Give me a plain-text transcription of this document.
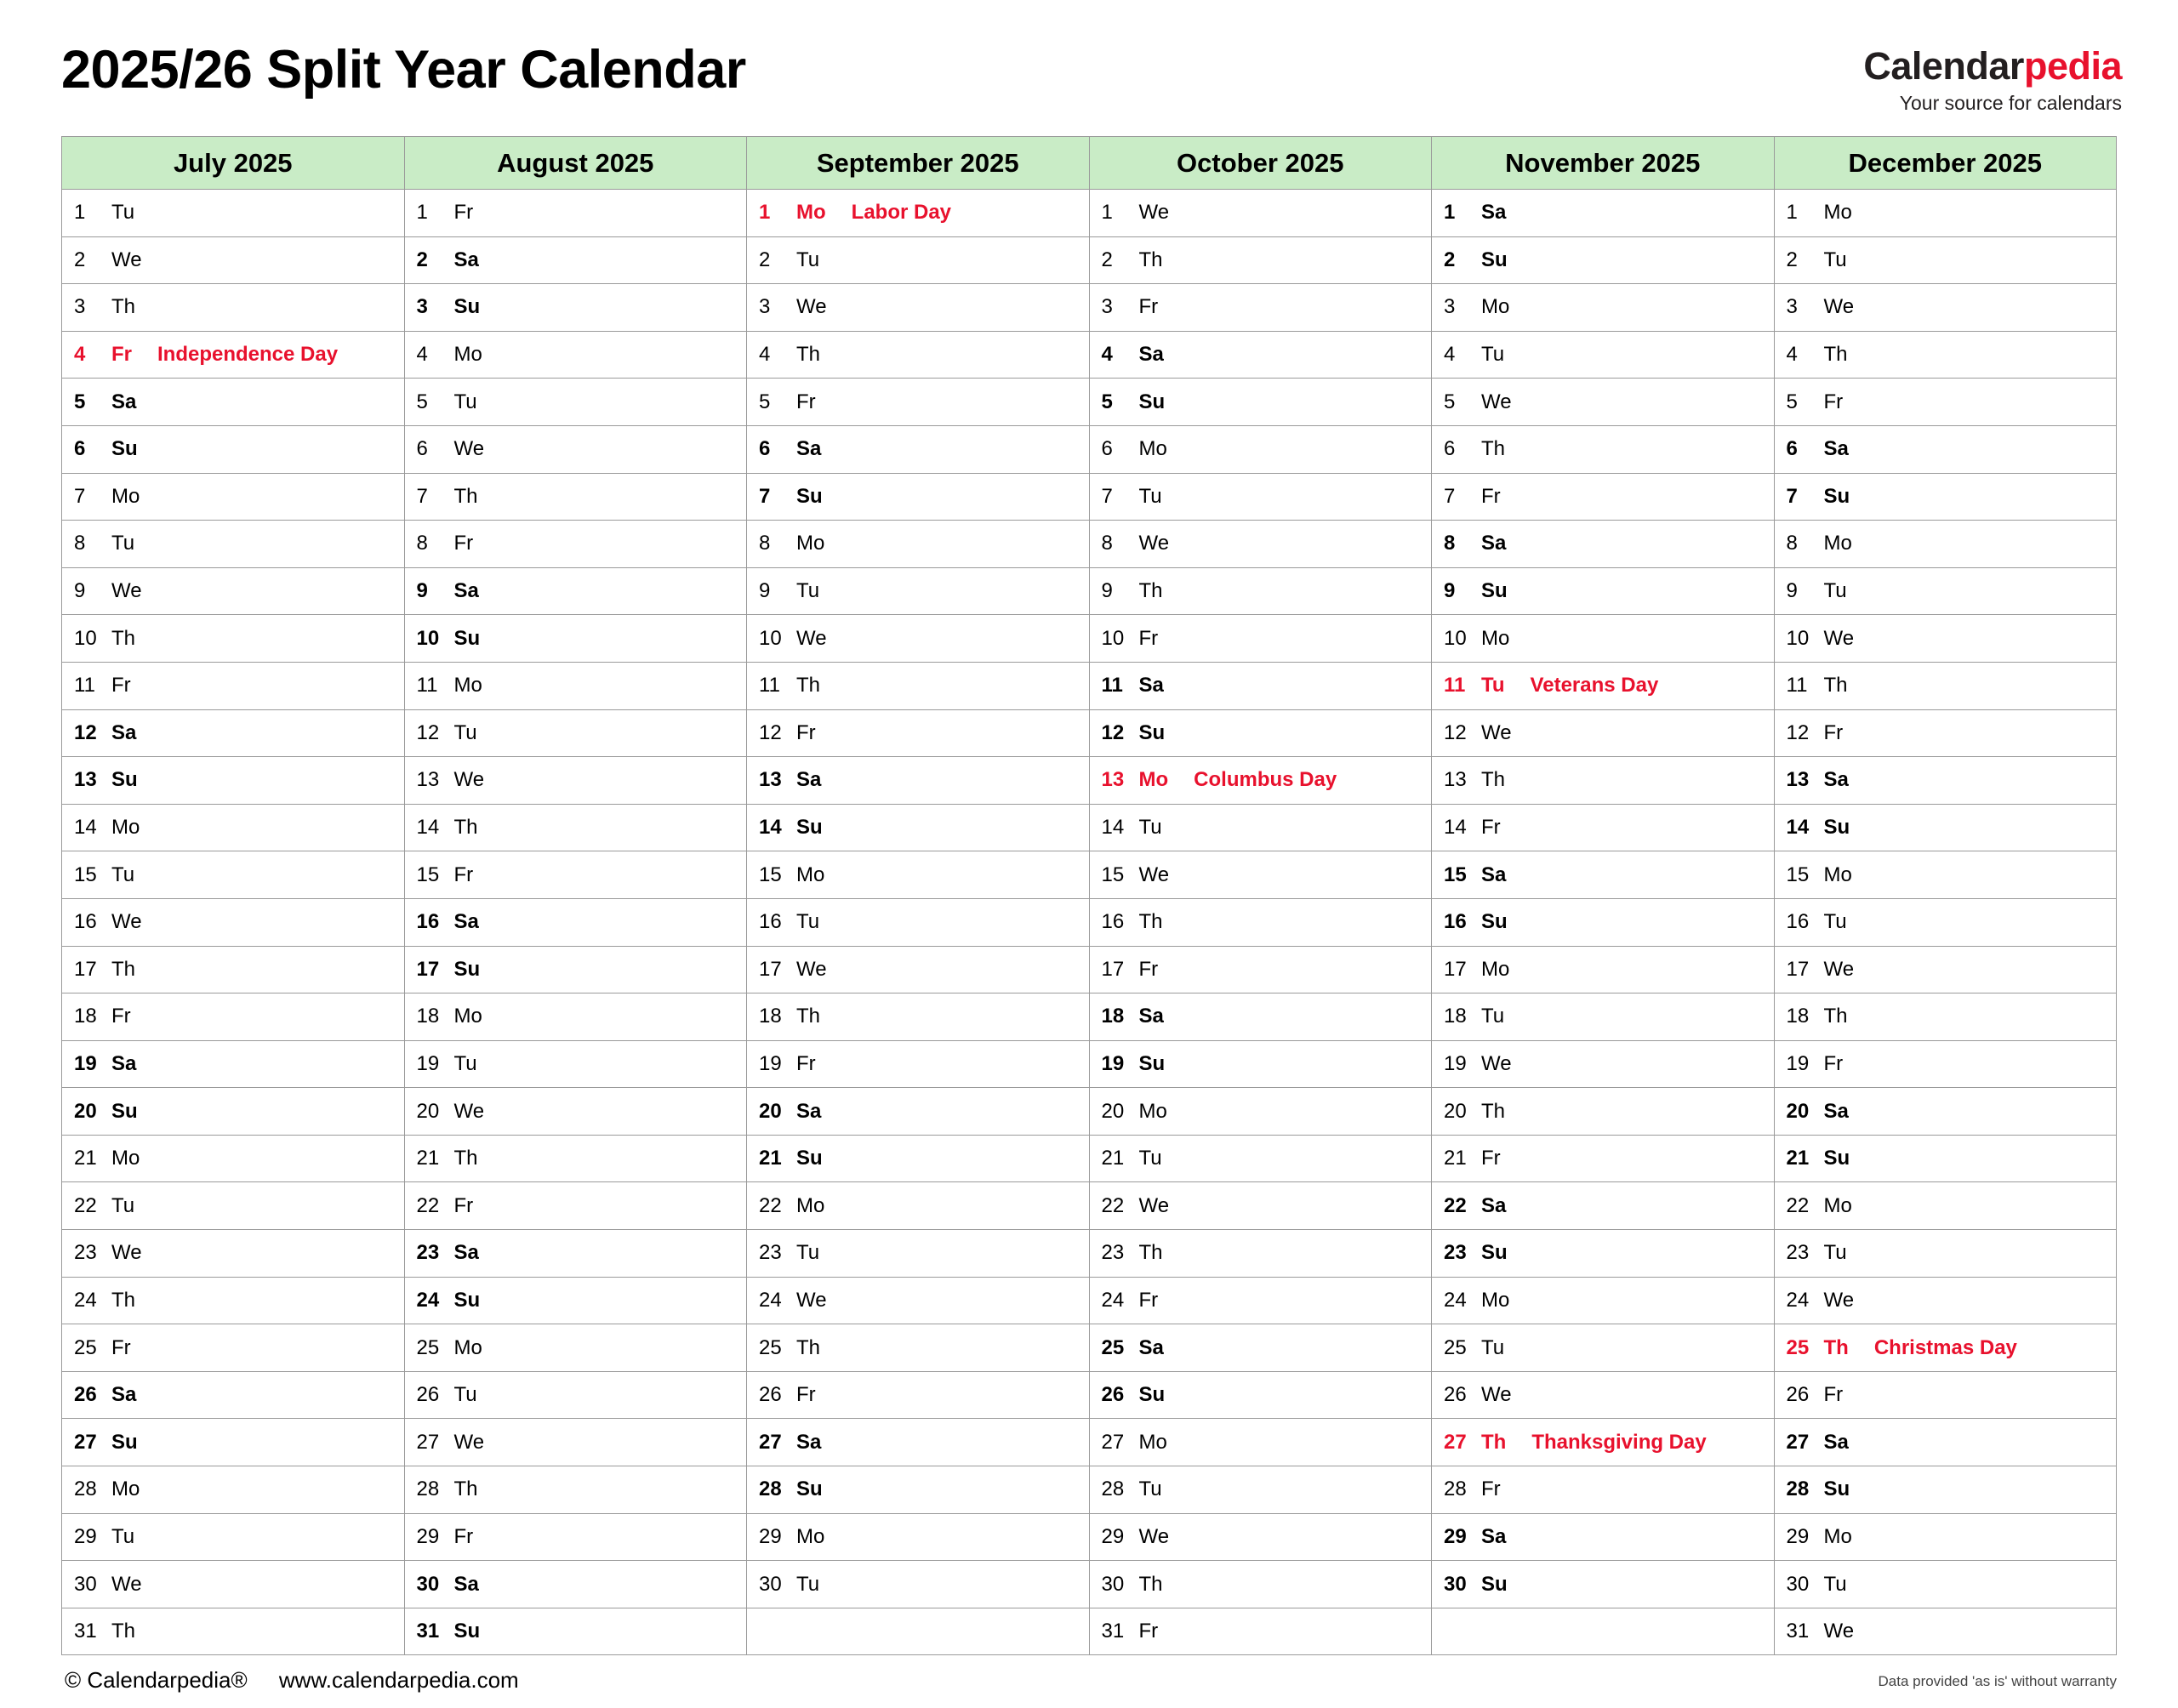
2025/26 Split Year Calendar	Calendarpedia
Your source for calendars
July 2025	August 2025	September 2025	October 2025	November 2025	December 2025

1 Tu	1 Fr	1 Mo Labor Day	1 We	1 Sa	1 Mo

2 We	2 Sa	2 Tu	2 Th	2 Su	2 Tu

3 Th	3 Su	3 We	3 Fr	3 Mo	3 We

4 Fr Independence Day	4 Mo	4 Th	4 Sa	4 Tu	4 Th

5 Sa	5 Tu	5 Fr	5 Su	5 We	5 Fr

6 Su	6 We	6 Sa	6 Mo	6 Th	6 Sa

7 Mo	7 Th	7 Su	7 Tu	7 Fr	7 Su

8 Tu	8 Fr	8 Mo	8 We	8 Sa	8 Mo

9 We	9 Sa	9 Tu	9 Th	9 Su	9 Tu

10 Th	10 Su	10 We	10 Fr	10 Mo	10 We

11 Fr	11 Mo	11 Th	11 Sa	11 Tu Veterans Day	11 Th

12 Sa	12 Tu	12 Fr	12 Su	12 We	12 Fr

13 Su	13 We	13 Sa	13 Mo Columbus Day	13 Th	13 Sa

14 Mo	14 Th	14 Su	14 Tu	14 Fr	14 Su

15 Tu	15 Fr	15 Mo	15 We	15 Sa	15 Mo

16 We	16 Sa	16 Tu	16 Th	16 Su	16 Tu

17 Th	17 Su	17 We	17 Fr	17 Mo	17 We

18 Fr	18 Mo	18 Th	18 Sa	18 Tu	18 Th

19 Sa	19 Tu	19 Fr	19 Su	19 We	19 Fr

20 Su	20 We	20 Sa	20 Mo	20 Th	20 Sa

21 Mo	21 Th	21 Su	21 Tu	21 Fr	21 Su

22 Tu	22 Fr	22 Mo	22 We	22 Sa	22 Mo

23 We	23 Sa	23 Tu	23 Th	23 Su	23 Tu

24 Th	24 Su	24 We	24 Fr	24 Mo	24 We

25 Fr	25 Mo	25 Th	25 Sa	25 Tu	25 Th Christmas Day

26 Sa	26 Tu	26 Fr	26 Su	26 We	26 Fr

27 Su	27 We	27 Sa	27 Mo	27 Th Thanksgiving Day	27 Sa

28 Mo	28 Th	28 Su	28 Tu	28 Fr	28 Su

29 Tu	29 Fr	29 Mo	29 We	29 Sa	29 Mo

30 We	30 Sa	30 Tu	30 Th	30 Su	30 Tu

31 Th	31 Su		31 Fr		31 We
© Calendarpedia® www.calendarpedia.com	Data provided 'as is' without warranty
